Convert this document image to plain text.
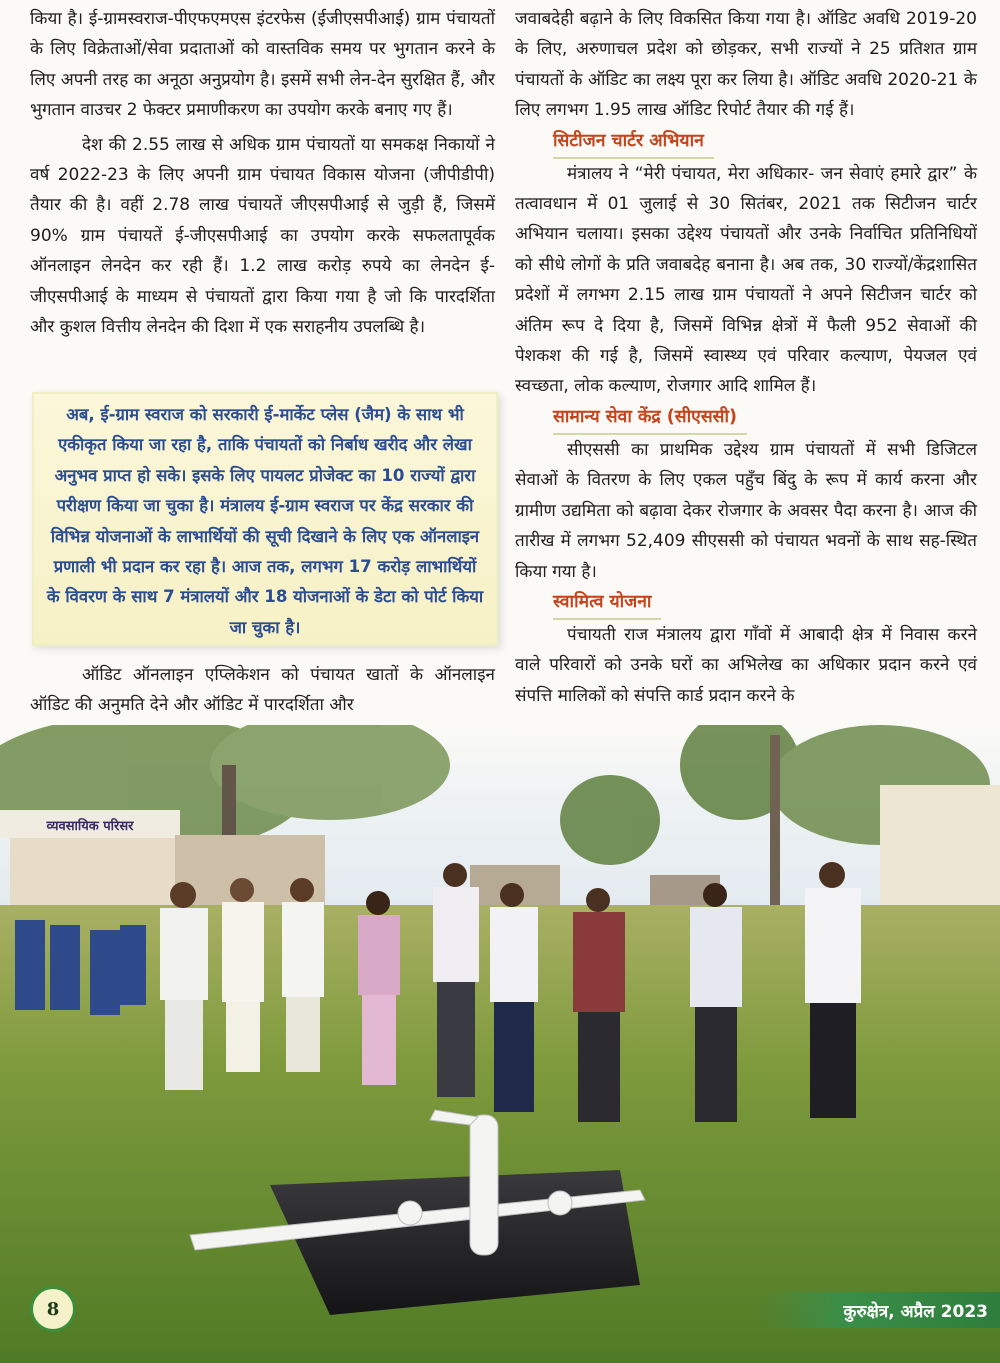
किया है। ई-ग्रामस्वराज-पीएफएमएस इंटरफेस (ईजीएसपीआई) ग्राम पंचायतों के लिए विक्रेताओं/सेवा प्रदाताओं को वास्तविक समय पर भुगतान करने के लिए अपनी तरह का अनूठा अनुप्रयोग है। इसमें सभी लेन-देन सुरक्षित हैं, और भुगतान वाउचर 2 फेक्टर प्रमाणीकरण का उपयोग करके बनाए गए हैं।

देश की 2.55 लाख से अधिक ग्राम पंचायतों या समकक्ष निकायों ने वर्ष 2022-23 के लिए अपनी ग्राम पंचायत विकास योजना (जीपीडीपी) तैयार की है। वहीं 2.78 लाख पंचायतें जीएसपीआई से जुड़ी हैं, जिसमें 90% ग्राम पंचायतें ई-जीएसपीआई का उपयोग करके सफलतापूर्वक ऑनलाइन लेनदेन कर रही हैं। 1.2 लाख करोड़ रुपये का लेनदेन ई-जीएसपीआई के माध्यम से पंचायतों द्वारा किया गया है जो कि पारदर्शिता और कुशल वित्तीय लेनदेन की दिशा में एक सराहनीय उपलब्धि है।

अब, ई-ग्राम स्वराज को सरकारी ई-मार्केट प्लेस (जैम) के साथ भी एकीकृत किया जा रहा है, ताकि पंचायतों को निर्बाध खरीद और लेखा अनुभव प्राप्त हो सके। इसके लिए पायलट प्रोजेक्ट का 10 राज्यों द्वारा परीक्षण किया जा चुका है। मंत्रालय ई-ग्राम स्वराज पर केंद्र सरकार की विभिन्न योजनाओं के लाभार्थियों की सूची दिखाने के लिए एक ऑनलाइन प्रणाली भी प्रदान कर रहा है। आज तक, लगभग 17 करोड़ लाभार्थियों के विवरण के साथ 7 मंत्रालयों और 18 योजनाओं के डेटा को पोर्ट किया जा चुका है।

ऑडिट ऑनलाइन एप्लिकेशन को पंचायत खातों के ऑनलाइन ऑडिट की अनुमति देने और ऑडिट में पारदर्शिता और

जवाबदेही बढ़ाने के लिए विकसित किया गया है। ऑडिट अवधि 2019-20 के लिए, अरुणाचल प्रदेश को छोड़कर, सभी राज्यों ने 25 प्रतिशत ग्राम पंचायतों के ऑडिट का लक्ष्य पूरा कर लिया है। ऑडिट अवधि 2020-21 के लिए लगभग 1.95 लाख ऑडिट रिपोर्ट तैयार की गई हैं।

सिटीजन चार्टर अभियान

मंत्रालय ने “मेरी पंचायत, मेरा अधिकार- जन सेवाएं हमारे द्वार” के तत्वावधान में 01 जुलाई से 30 सितंबर, 2021 तक सिटीजन चार्टर अभियान चलाया। इसका उद्देश्य पंचायतों और उनके निर्वाचित प्रतिनिधियों को सीधे लोगों के प्रति जवाबदेह बनाना है। अब तक, 30 राज्यों/केंद्रशासित प्रदेशों में लगभग 2.15 लाख ग्राम पंचायतों ने अपने सिटीजन चार्टर को अंतिम रूप दे दिया है, जिसमें विभिन्न क्षेत्रों में फैली 952 सेवाओं की पेशकश की गई है, जिसमें स्वास्थ्य एवं परिवार कल्याण, पेयजल एवं स्वच्छता, लोक कल्याण, रोजगार आदि शामिल हैं।

सामान्य सेवा केंद्र (सीएससी)

सीएससी का प्राथमिक उद्देश्य ग्राम पंचायतों में सभी डिजिटल सेवाओं के वितरण के लिए एकल पहुँच बिंदु के रूप में कार्य करना और ग्रामीण उद्यमिता को बढ़ावा देकर रोजगार के अवसर पैदा करना है। आज की तारीख में लगभग 52,409 सीएससी को पंचायत भवनों के साथ सह-स्थित किया गया है।

स्वामित्व योजना

पंचायती राज मंत्रालय द्वारा गाँवों में आबादी क्षेत्र में निवास करने वाले परिवारों को उनके घरों का अभिलेख का अधिकार प्रदान करने एवं संपत्ति मालिकों को संपत्ति कार्ड प्रदान करने के

व्यवसायिक परिसर
8	कुरुक्षेत्र, अप्रैल 2023
